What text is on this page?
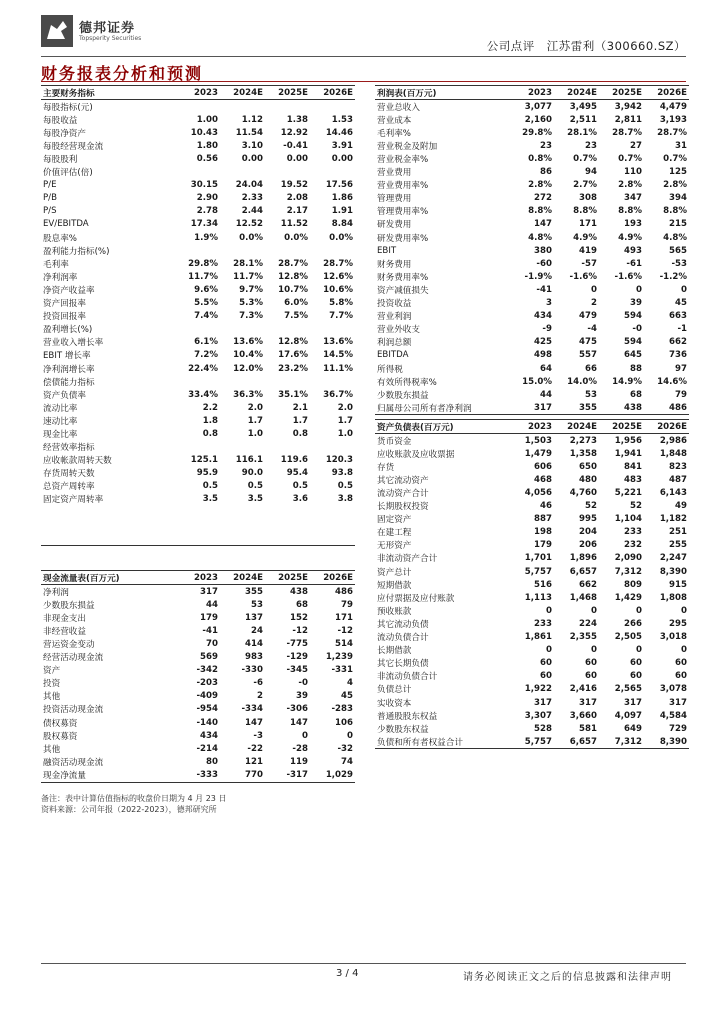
德邦证券
Topsperity Securities
公司点评　江苏雷利（300660.SZ）
财务报表分析和预测
主要财务指标	2023	2024E	2025E	2026E
每股指标(元)				
每股收益	1.00	1.12	1.38	1.53
每股净资产	10.43	11.54	12.92	14.46
每股经营现金流	1.80	3.10	-0.41	3.91
每股股利	0.56	0.00	0.00	0.00
价值评估(倍)				
P/E	30.15	24.04	19.52	17.56
P/B	2.90	2.33	2.08	1.86
P/S	2.78	2.44	2.17	1.91
EV/EBITDA	17.34	12.52	11.52	8.84
股息率%	1.9%	0.0%	0.0%	0.0%
盈利能力指标(%)				
毛利率	29.8%	28.1%	28.7%	28.7%
净利润率	11.7%	11.7%	12.8%	12.6%
净资产收益率	9.6%	9.7%	10.7%	10.6%
资产回报率	5.5%	5.3%	6.0%	5.8%
投资回报率	7.4%	7.3%	7.5%	7.7%
盈利增长(%)				
营业收入增长率	6.1%	13.6%	12.8%	13.6%
EBIT 增长率	7.2%	10.4%	17.6%	14.5%
净利润增长率	22.4%	12.0%	23.2%	11.1%
偿债能力指标				
资产负债率	33.4%	36.3%	35.1%	36.7%
流动比率	2.2	2.0	2.1	2.0
速动比率	1.8	1.7	1.7	1.7
现金比率	0.8	1.0	0.8	1.0
经营效率指标				
应收帐款周转天数	125.1	116.1	119.6	120.3
存货周转天数	95.9	90.0	95.4	93.8
总资产周转率	0.5	0.5	0.5	0.5
固定资产周转率	3.5	3.5	3.6	3.8

利润表(百万元)	2023	2024E	2025E	2026E
营业总收入	3,077	3,495	3,942	4,479
营业成本	2,160	2,511	2,811	3,193
毛利率%	29.8%	28.1%	28.7%	28.7%
营业税金及附加	23	23	27	31
营业税金率%	0.8%	0.7%	0.7%	0.7%
营业费用	86	94	110	125
营业费用率%	2.8%	2.7%	2.8%	2.8%
管理费用	272	308	347	394
管理费用率%	8.8%	8.8%	8.8%	8.8%
研发费用	147	171	193	215
研发费用率%	4.8%	4.9%	4.9%	4.8%
EBIT	380	419	493	565
财务费用	-60	-57	-61	-53
财务费用率%	-1.9%	-1.6%	-1.6%	-1.2%
资产减值损失	-41	0	0	0
投资收益	3	2	39	45
营业利润	434	479	594	663
营业外收支	-9	-4	-0	-1
利润总额	425	475	594	662
EBITDA	498	557	645	736
所得税	64	66	88	97
有效所得税率%	15.0%	14.0%	14.9%	14.6%
少数股东损益	44	53	68	79
归属母公司所有者净利润	317	355	438	486
资产负债表(百万元)	2023	2024E	2025E	2026E
货币资金	1,503	2,273	1,956	2,986
应收账款及应收票据	1,479	1,358	1,941	1,848
存货	606	650	841	823
其它流动资产	468	480	483	487
流动资产合计	4,056	4,760	5,221	6,143
长期股权投资	46	52	52	49
固定资产	887	995	1,104	1,182
在建工程	198	204	233	251
无形资产	179	206	232	255
非流动资产合计	1,701	1,896	2,090	2,247
资产总计	5,757	6,657	7,312	8,390
短期借款	516	662	809	915
应付票据及应付账款	1,113	1,468	1,429	1,808
预收账款	0	0	0	0
其它流动负债	233	224	266	295
流动负债合计	1,861	2,355	2,505	3,018
长期借款	0	0	0	0
其它长期负债	60	60	60	60
非流动负债合计	60	60	60	60
负债总计	1,922	2,416	2,565	3,078
实收资本	317	317	317	317
普通股股东权益	3,307	3,660	4,097	4,584
少数股东权益	528	581	649	729
负债和所有者权益合计	5,757	6,657	7,312	8,390
现金流量表(百万元)	2023	2024E	2025E	2026E
净利润	317	355	438	486
少数股东损益	44	53	68	79
非现金支出	179	137	152	171
非经营收益	-41	24	-12	-12
营运资金变动	70	414	-775	514
经营活动现金流	569	983	-129	1,239
资产	-342	-330	-345	-331
投资	-203	-6	-0	4
其他	-409	2	39	45
投资活动现金流	-954	-334	-306	-283
债权募资	-140	147	147	106
股权募资	434	-3	0	0
其他	-214	-22	-28	-32
融资活动现金流	80	121	119	74
现金净流量	-333	770	-317	1,029
备注：表中计算估值指标的收盘价日期为 4 月 23 日
资料来源：公司年报（2022-2023），德邦研究所
3 / 4	请务必阅读正文之后的信息披露和法律声明
